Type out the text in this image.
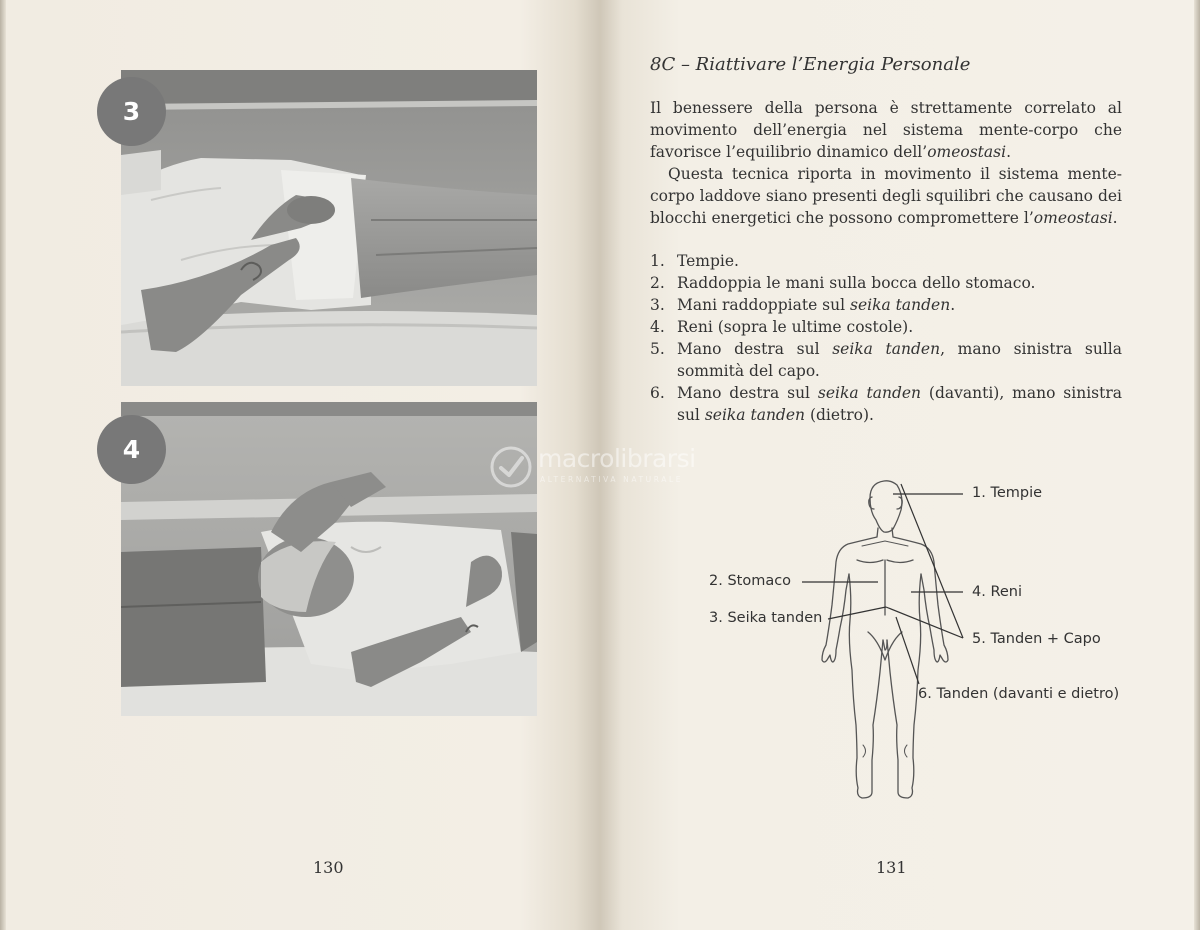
3
4
130
8C – Riattivare l’Energia Personale

Il benessere della persona è strettamente correlato al movimento dell’energia nel sistema mente-corpo che favorisce l’equilibrio dinamico dell’omeostasi.

Questa tecnica riporta in movimento il sistema mente-corpo laddove siano presenti degli squilibri che causano dei blocchi energetici che possono compromettere l’omeostasi.

1. Tempie.
2. Raddoppia le mani sulla bocca dello stomaco.
3. Mani raddoppiate sul seika tanden.
4. Reni (sopra le ultime costole).
5. Mano destra sul seika tanden, mano sinistra sulla sommità del capo.
6. Mano destra sul seika tanden (davanti), mano sinistra sul seika tanden (dietro).
131
1. Tempie
2. Stomaco
3. Seika tanden
4. Reni
5. Tanden + Capo
6. Tanden (davanti e dietro)
macrolibrarsi
ALTERNATIVA NATURALE
